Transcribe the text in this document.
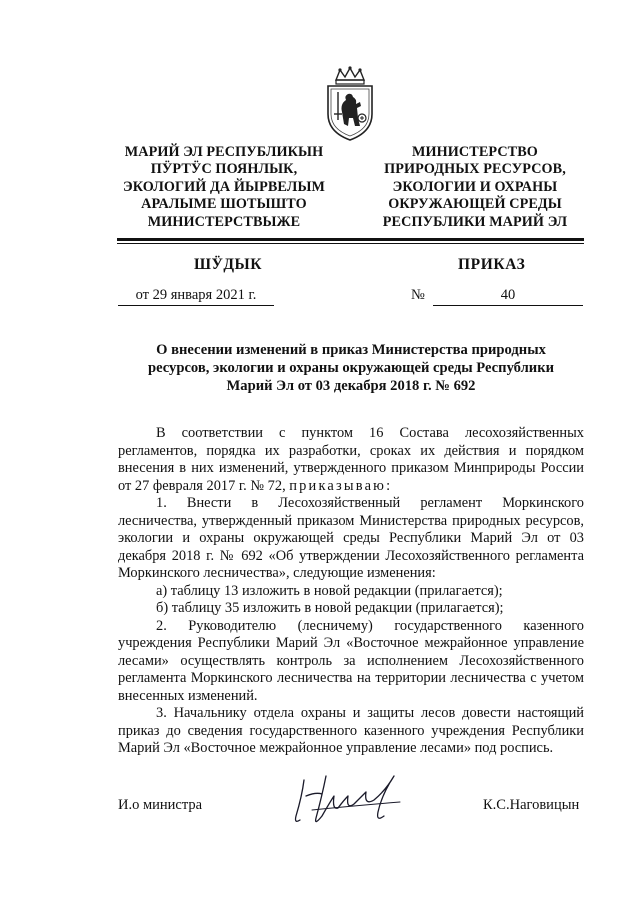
МАРИЙ ЭЛ РЕСПУБЛИКЫН
ПӰРТӰС ПОЯНЛЫК,
ЭКОЛОГИЙ ДА ЙЫРВЕЛЫМ
АРАЛЫМЕ ШОТЫШТО
МИНИСТЕРСТВЫЖЕ
МИНИСТЕРСТВО
ПРИРОДНЫХ РЕСУРСОВ,
ЭКОЛОГИИ И ОХРАНЫ
ОКРУЖАЮЩЕЙ СРЕДЫ
РЕСПУБЛИКИ МАРИЙ ЭЛ
ШӰДЫК	ПРИКАЗ
от 29 января 2021 г.	№	40
О внесении изменений в приказ Министерства природных
ресурсов, экологии и охраны окружающей среды Республики
Марий Эл от 03 декабря 2018 г. № 692

В соответствии с пунктом 16 Состава лесохозяйственных регламентов, порядка их разработки, сроках их действия и порядком внесения в них изменений, утвержденного приказом Минприроды России от 27 февраля 2017 г. № 72, приказываю:

1. Внести в Лесохозяйственный регламент Моркинского лесничества, утвержденный приказом Министерства природных ресурсов, экологии и охраны окружающей среды Республики Марий Эл от 03 декабря 2018 г. № 692 «Об утверждении Лесохозяйственного регламента Моркинского лесничества», следующие изменения:

а) таблицу 13 изложить в новой редакции (прилагается);

б) таблицу 35 изложить в новой редакции (прилагается);

2. Руководителю (лесничему) государственного казенного учреждения Республики Марий Эл «Восточное межрайонное управление лесами» осуществлять контроль за исполнением Лесохозяйственного регламента Моркинского лесничества на территории лесничества с учетом внесенных изменений.

3. Начальнику отдела охраны и защиты лесов довести настоящий приказ до сведения государственного казенного учреждения Республики Марий Эл «Восточное межрайонное управление лесами» под роспись.

И.о министра	К.С.Наговицын
